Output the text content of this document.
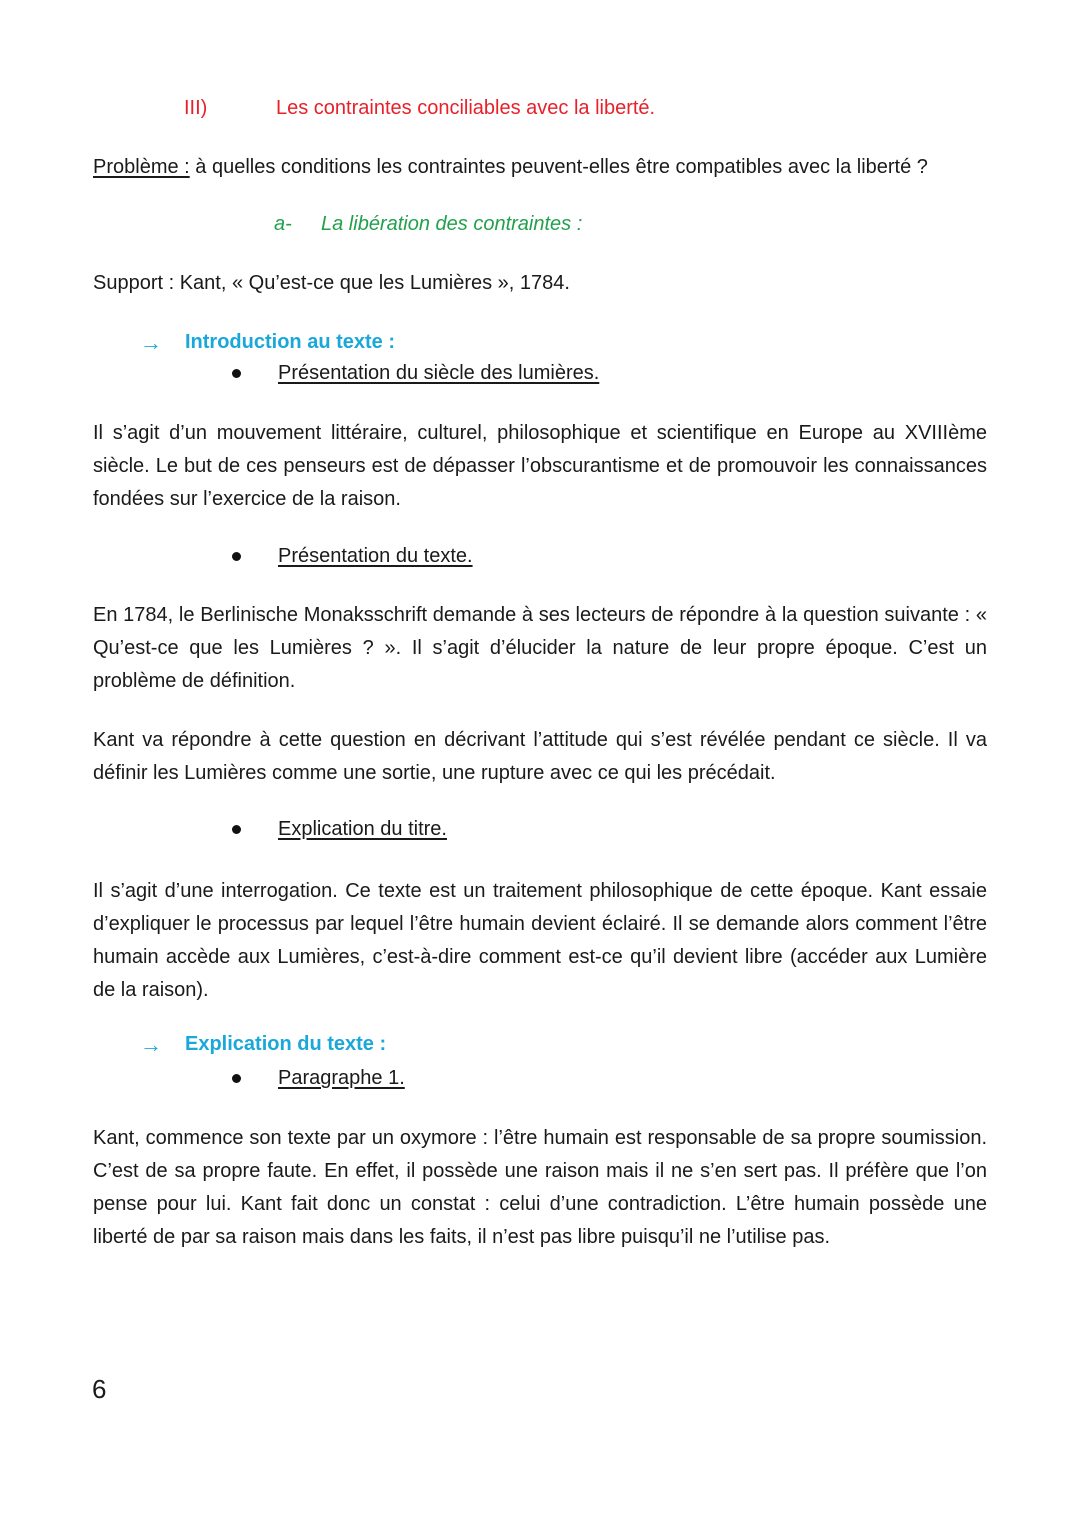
III)	Les contraintes conciliables avec la liberté.
Problème : à quelles conditions les contraintes peuvent-elles être compatibles avec la liberté ?
a- La libération des contraintes :
Support : Kant, « Qu’est-ce que les Lumières », 1784.
→ Introduction au texte :
Présentation du siècle des lumières.

Il s’agit d’un mouvement littéraire, culturel, philosophique et scientifique en Europe au XVIIIème siècle. Le but de ces penseurs est de dépasser l’obscurantisme et de promouvoir les connaissances fondées sur l’exercice de la raison.

Présentation du texte.

En 1784, le Berlinische Monaksschrift demande à ses lecteurs de répondre à la question suivante : « Qu’est-ce que les Lumières ? ». Il s’agit d’élucider la nature de leur propre époque. C’est un problème de définition.

Kant va répondre à cette question en décrivant l’attitude qui s’est révélée pendant ce siècle. Il va définir les Lumières comme une sortie, une rupture avec ce qui les précédait.

Explication du titre.

Il s’agit d’une interrogation. Ce texte est un traitement philosophique de cette époque. Kant essaie d’expliquer le processus par lequel l’être humain devient éclairé. Il se demande alors comment l’être humain accède aux Lumières, c’est-à-dire comment est-ce qu’il devient libre (accéder aux Lumière de la raison).

→ Explication du texte :
Paragraphe 1.

Kant, commence son texte par un oxymore : l’être humain est responsable de sa propre soumission. C’est de sa propre faute. En effet, il possède une raison mais il ne s’en sert pas. Il préfère que l’on pense pour lui. Kant fait donc un constat : celui d’une contradiction. L’être humain possède une liberté de par sa raison mais dans les faits, il n’est pas libre puisqu’il ne l’utilise pas.

6
